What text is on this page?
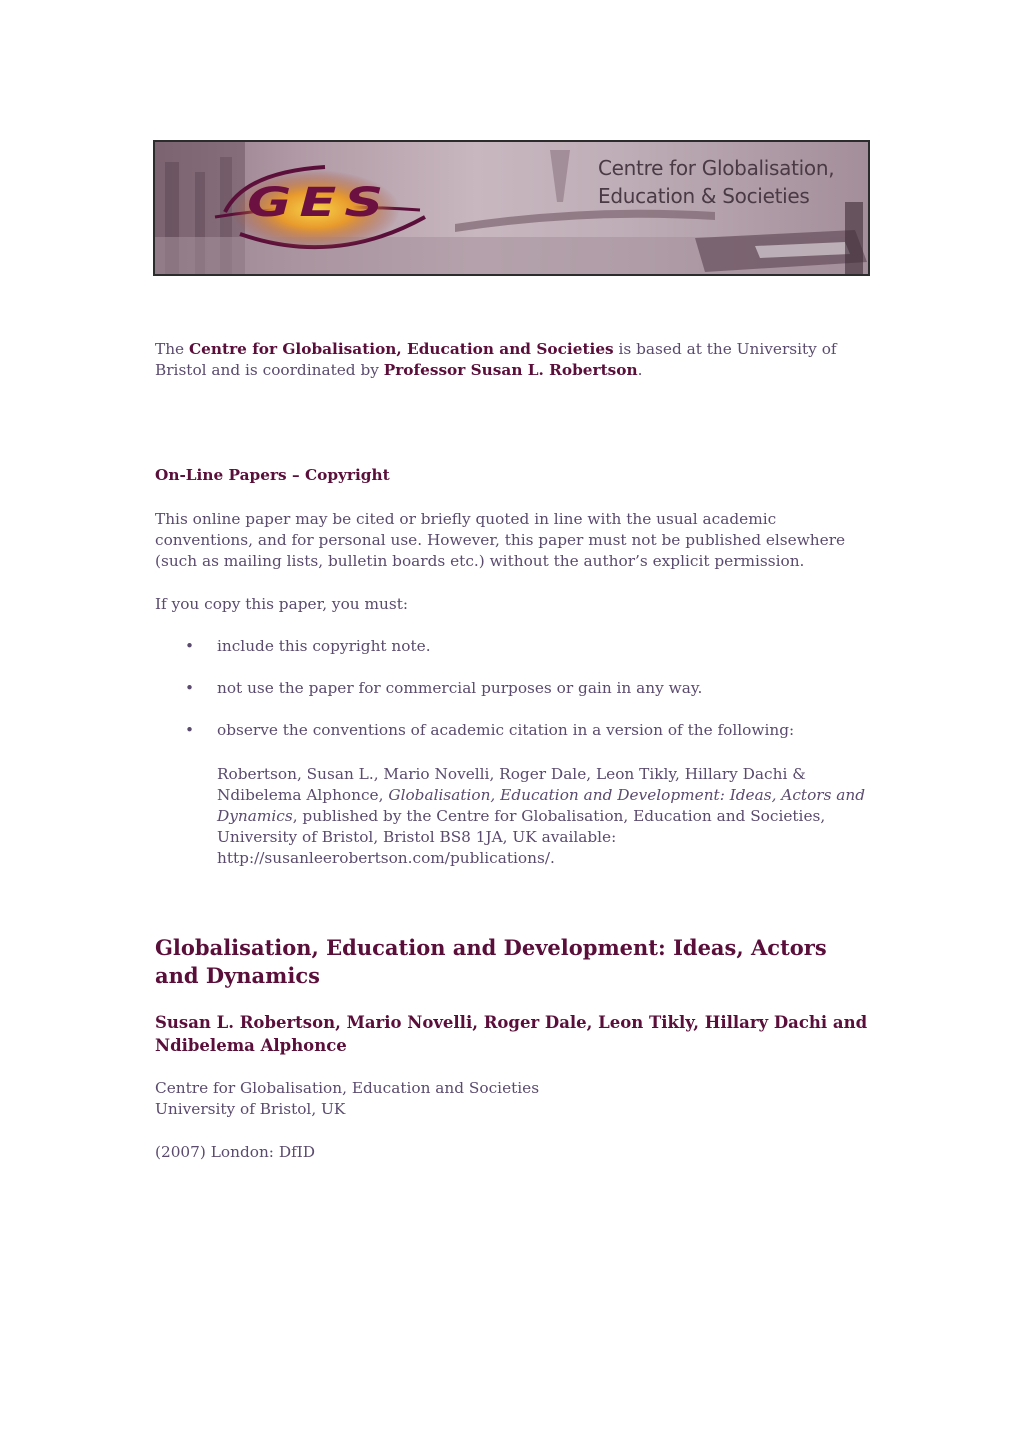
GES
Centre for Globalisation,
Education & Societies

The Centre for Globalisation, Education and Societies is based at the University of Bristol and is coordinated by Professor Susan L. Robertson.

On-Line Papers – Copyright

This online paper may be cited or briefly quoted in line with the usual academic conventions, and for personal use. However, this paper must not be published elsewhere (such as mailing lists, bulletin boards etc.) without the author’s explicit permission.

If you copy this paper, you must:

• include this copyright note.
• not use the paper for commercial purposes or gain in any way.
• observe the conventions of academic citation in a version of the following:

Robertson, Susan L., Mario Novelli, Roger Dale, Leon Tikly, Hillary Dachi & Ndibelema Alphonce, Globalisation, Education and Development: Ideas, Actors and Dynamics, published by the Centre for Globalisation, Education and Societies, University of Bristol, Bristol BS8 1JA, UK available: http://susanleerobertson.com/publications/.

Globalisation, Education and Development: Ideas, Actors and Dynamics
Susan L. Robertson, Mario Novelli, Roger Dale, Leon Tikly, Hillary Dachi and Ndibelema Alphonce
Centre for Globalisation, Education and Societies
University of Bristol, UK
(2007) London: DfID
